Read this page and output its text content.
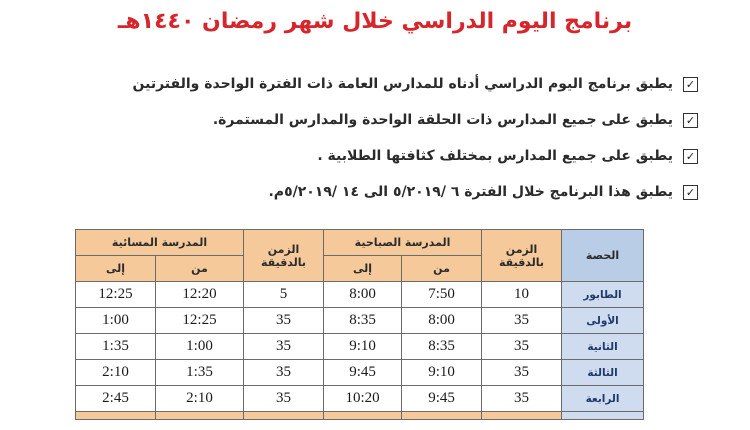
برنامج اليوم الدراسي خلال شهر رمضان ١٤٤٠هـ
✓
يطبق برنامج اليوم الدراسي أدناه للمدارس العامة ذات الفترة الواحدة والفترتين
✓
يطبق على جميع المدارس ذات الحلقة الواحدة والمدارس المستمرة.
✓
يطبق على جميع المدارس بمختلف كثافتها الطلابية .
✓
يطبق هذا البرنامج خلال الفترة ٦ /٥/٢٠١٩ الى ١٤ /٥/٢٠١٩م.
الحصة	الزمن بالدقيقة	المدرسة الصباحية		الزمن بالدقيقة	المدرسة المسائية	
		من	إلى		من	إلى
الطابور	10	7:50	8:00	5	12:20	12:25
الأولى	35	8:00	8:35	35	12:25	1:00
الثانية	35	8:35	9:10	35	1:00	1:35
الثالثة	35	9:10	9:45	35	1:35	2:10
الرابعة	35	9:45	10:20	35	2:10	2:45
